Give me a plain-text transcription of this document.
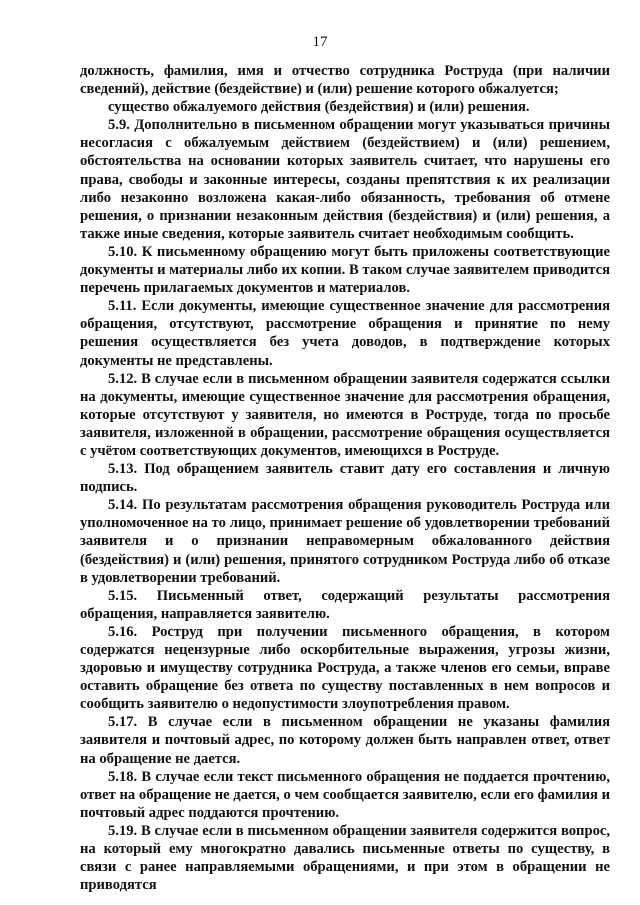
17

должность, фамилия, имя и отчество сотрудника Роструда (при наличии сведений), действие (бездействие) и (или) решение которого обжалуется;

существо обжалуемого действия (бездействия) и (или) решения.

5.9. Дополнительно в письменном обращении могут указываться причины несогласия с обжалуемым действием (бездействием) и (или) решением, обстоятельства на основании которых заявитель считает, что нарушены его права, свободы и законные интересы, созданы препятствия к их реализации либо незаконно возложена какая-либо обязанность, требования об отмене решения, о признании незаконным действия (бездействия) и (или) решения, а также иные сведения, которые заявитель считает необходимым сообщить.

5.10. К письменному обращению могут быть приложены соответствующие документы и материалы либо их копии. В таком случае заявителем приводится перечень прилагаемых документов и материалов.

5.11. Если документы, имеющие существенное значение для рассмотрения обращения, отсутствуют, рассмотрение обращения и принятие по нему решения осуществляется без учета доводов, в подтверждение которых документы не представлены.

5.12. В случае если в письменном обращении заявителя содержатся ссылки на документы, имеющие существенное значение для рассмотрения обращения, которые отсутствуют у заявителя, но имеются в Роструде, тогда по просьбе заявителя, изложенной в обращении, рассмотрение обращения осуществляется с учётом соответствующих документов, имеющихся в Роструде.

5.13. Под обращением заявитель ставит дату его составления и личную подпись.

5.14. По результатам рассмотрения обращения руководитель Роструда или уполномоченное на то лицо, принимает решение об удовлетворении требований заявителя и о признании неправомерным обжалованного действия (бездействия) и (или) решения, принятого сотрудником Роструда либо об отказе в удовлетворении требований.

5.15. Письменный ответ, содержащий результаты рассмотрения обращения, направляется заявителю.

5.16. Роструд при получении письменного обращения, в котором содержатся нецензурные либо оскорбительные выражения, угрозы жизни, здоровью и имуществу сотрудника Роструда, а также членов его семьи, вправе оставить обращение без ответа по существу поставленных в нем вопросов и сообщить заявителю о недопустимости злоупотребления правом.

5.17. В случае если в письменном обращении не указаны фамилия заявителя и почтовый адрес, по которому должен быть направлен ответ, ответ на обращение не дается.

5.18. В случае если текст письменного обращения не поддается прочтению, ответ на обращение не дается, о чем сообщается заявителю, если его фамилия и почтовый адрес поддаются прочтению.

5.19. В случае если в письменном обращении заявителя содержится вопрос, на который ему многократно давались письменные ответы по существу, в связи с ранее направляемыми обращениями, и при этом в обращении не приводятся
